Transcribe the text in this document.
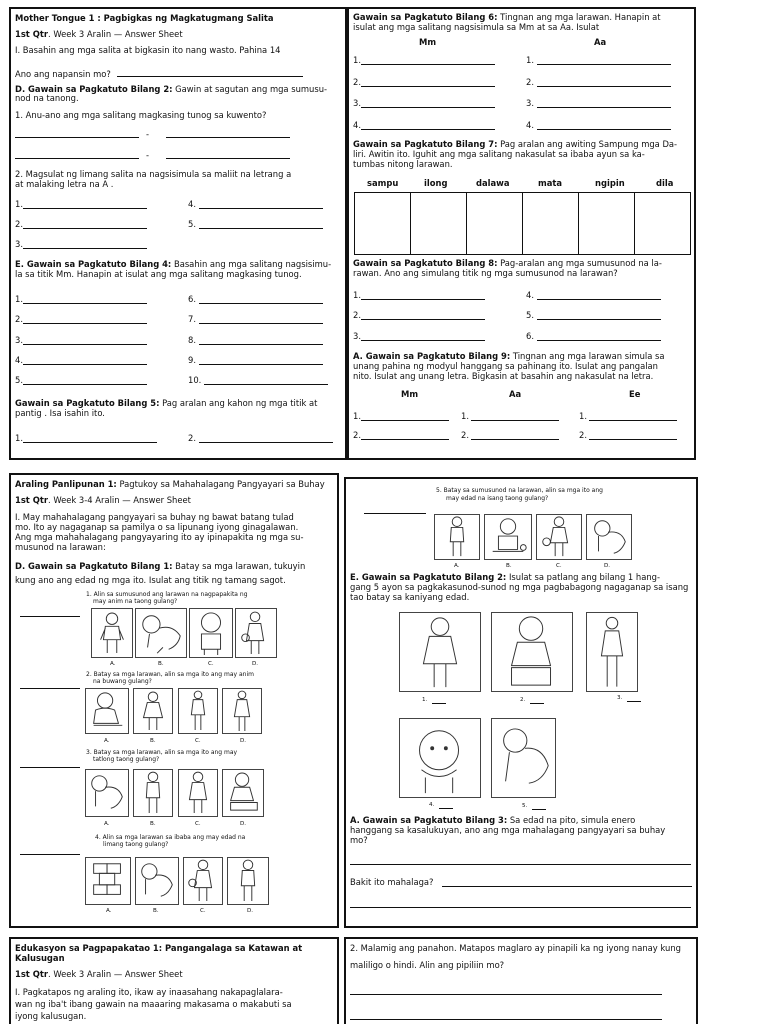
Mother Tongue 1 : Pagbigkas ng Magkatugmang Salita
1st Qtr. Week 3 Aralin — Answer Sheet
I. Basahin ang mga salita at bigkasin ito nang wasto. Pahina 14
Ano ang napansin mo?
D. Gawain sa Pagkatuto Bilang 2: Gawin at sagutan ang mga sumusu-
nod na tanong.
1. Anu-ano ang mga salitang magkasing tunog sa kuwento?
-
-
2. Magsulat ng limang salita na nagsisimula sa maliit na letrang a
at malaking letra na A .
1.	4.
2.	5.
3.
E. Gawain sa Pagkatuto Bilang 4: Basahin ang mga salitang nagsisimu-
la sa titik Mm. Hanapin at isulat ang mga salitang magkasing tunog.
1.	6.
2.	7.
3.	8.
4.	9.
5.	10.
Gawain sa Pagkatuto Bilang 5: Pag aralan ang kahon ng mga titik at
pantig . Isa isahin ito.
1.	2.
Gawain sa Pagkatuto Bilang 6: Tingnan ang mga larawan. Hanapin at
isulat ang mga salitang nagsisimula sa Mm at sa Aa. Isulat
Mm	Aa
1.	1.
2.	2.
3.	3.
4.	4.
Gawain sa Pagkatuto Bilang 7: Pag aralan ang awiting Sampung mga Da-
liri. Awitin ito. Iguhit ang mga salitang nakasulat sa ibaba ayun sa ka-
tumbas nitong larawan.
sampu	ilong	dalawa	mata	ngipin	dila

Gawain sa Pagkatuto Bilang 8: Pag-aralan ang mga sumusunod na la-
rawan. Ano ang simulang titik ng mga sumusunod na larawan?
1.	4.
2.	5.
3.	6.
A. Gawain sa Pagkatuto Bilang 9: Tingnan ang mga larawan simula sa
unang pahina ng modyul hanggang sa pahinang ito. Isulat ang pangalan
nito. Isulat ang unang letra. Bigkasin at basahin ang nakasulat na letra.
Mm	Aa	Ee
1.	1.	1.
2.	2.	2.
Araling Panlipunan 1: Pagtukoy sa Mahahalagang Pangyayari sa Buhay
1st Qtr. Week 3-4 Aralin — Answer Sheet
I. May mahahalagang pangyayari sa buhay ng bawat batang tulad
mo. Ito ay nagaganap sa pamilya o sa lipunang iyong ginagalawan.
Ang mga mahahalagang pangyayaring ito ay ipinapakita ng mga su-
musunod na larawan:
D. Gawain sa Pagkatuto Bilang 1: Batay sa mga larawan, tukuyin
kung ano ang edad ng mga ito. Isulat ang titik ng tamang sagot.
1. Alin sa sumusunod ang larawan na nagpapakita ng
may anim na taong gulang?
A.	B.	C.	D.
2. Batay sa mga larawan, alin sa mga ito ang may anim
na buwang gulang?
A.	B.	C.	D.
3. Batay sa mga larawan, alin sa mga ito ang may
tatlong taong gulang?
A.	B.	C.	D.
4. Alin sa mga larawan sa ibaba ang may edad na
limang taong gulang?
A.	B.	C.	D.
5. Batay sa sumusunod na larawan, alin sa mga ito ang
may edad na isang taong gulang?
A.	B.	C.	D.
E. Gawain sa Pagkatuto Bilang 2: Isulat sa patlang ang bilang 1 hang-
gang 5 ayon sa pagkakasunod-sunod ng mga pagbabagong nagaganap sa isang
tao batay sa kaniyang edad.
1.	2.	3.
4.	5.
A. Gawain sa Pagkatuto Bilang 3: Sa edad na pito, simula enero
hanggang sa kasalukuyan, ano ang mga mahalagang pangyayari sa buhay
mo?
Bakit ito mahalaga?
Edukasyon sa Pagpapakatao 1: Pangangalaga sa Katawan at
Kalusugan
1st Qtr. Week 3 Aralin — Answer Sheet
I. Pagkatapos ng araling ito, ikaw ay inaasahang nakapaglalara-
wan ng iba't ibang gawain na maaaring makasama o makabuti sa
iyong kalusugan.
2. Malamig ang panahon. Matapos maglaro ay pinapili ka ng iyong nanay kung
maliligo o hindi. Alin ang pipiliin mo?
